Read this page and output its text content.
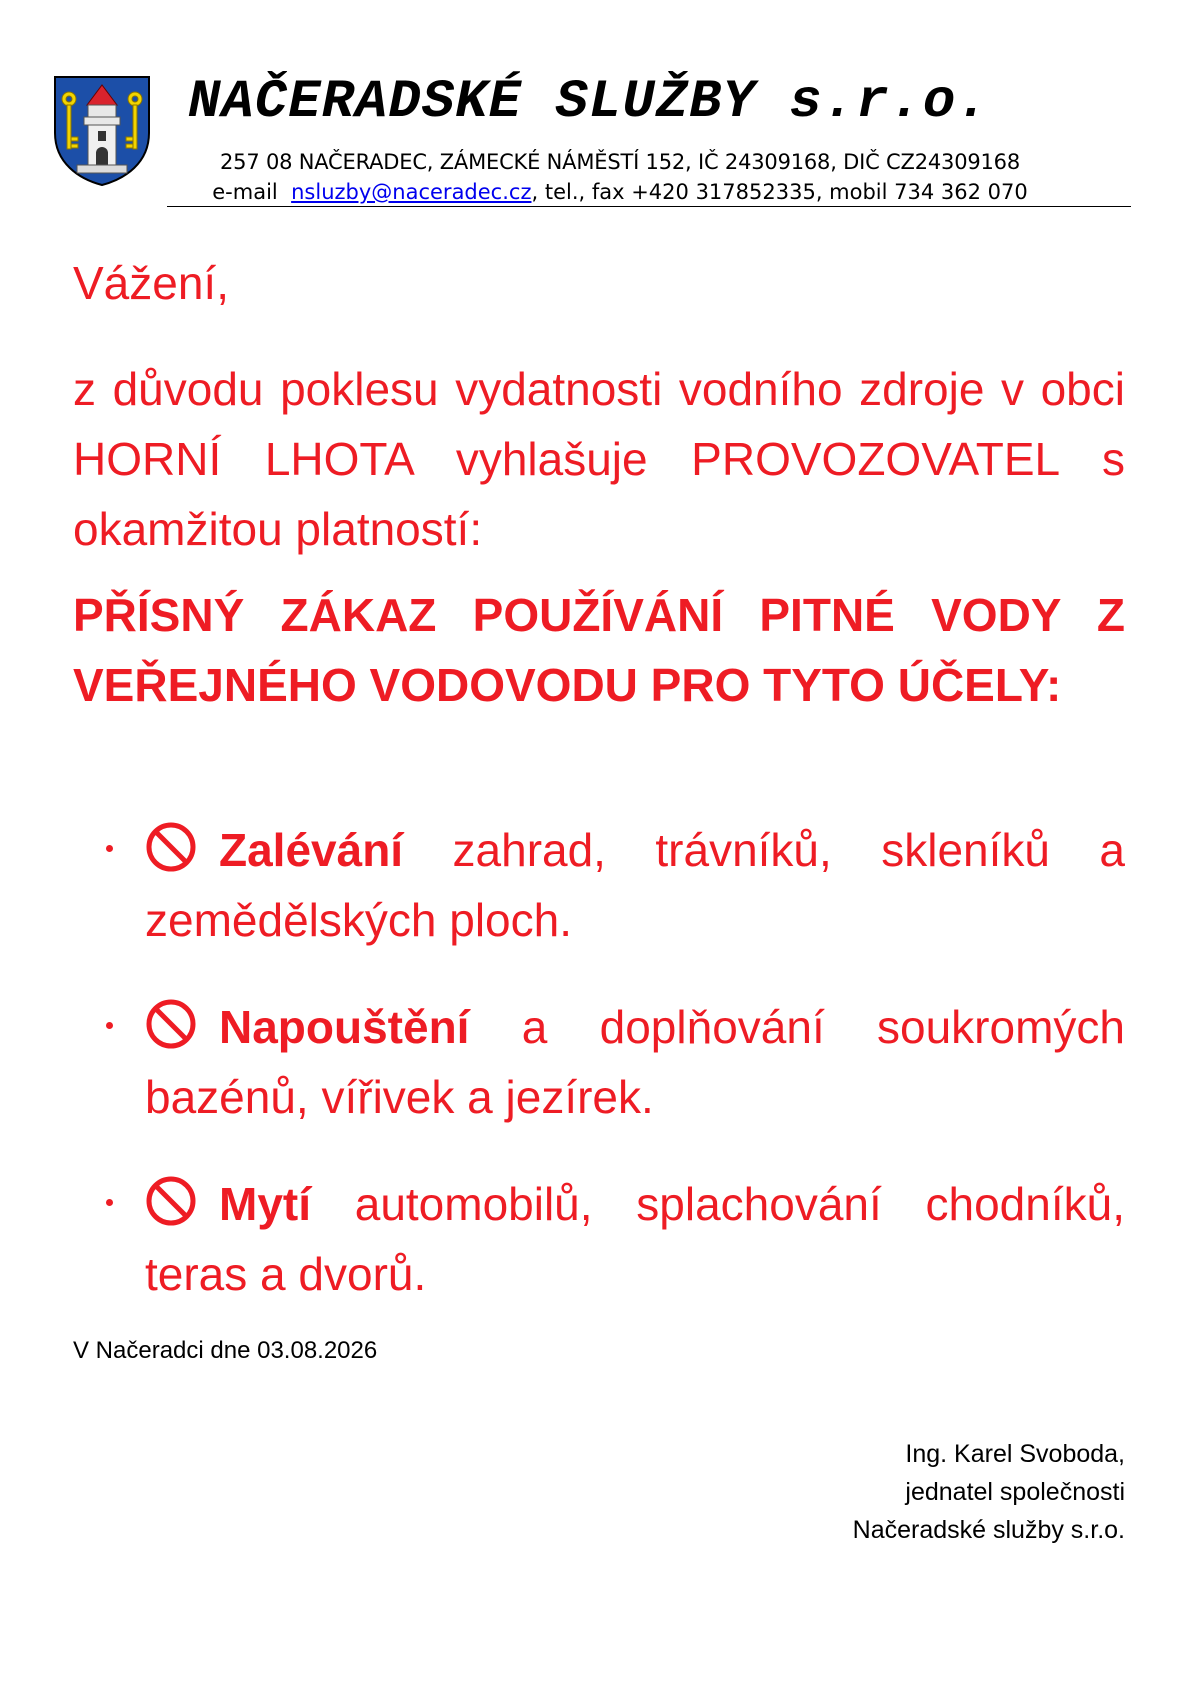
NAČERADSKÉ SLUŽBY s.r.o.
257 08 NAČERADEC, ZÁMECKÉ NÁMĚSTÍ 152, IČ 24309168, DIČ CZ24309168
e-mail nsluzby@naceradec.cz, tel., fax +420 317852335, mobil 734 362 070
Vážení,
z důvodu poklesu vydatnosti vodního zdroje v obci HORNÍ LHOTA vyhlašuje PROVOZOVATEL s okamžitou platností:
PŘÍSNÝ ZÁKAZ POUŽÍVÁNÍ PITNÉ VODY Z VEŘEJNÉHO VODOVODU PRO TYTO ÚČELY:
Zalévání zahrad, trávníků, skleníků a zemědělských ploch.
Napouštění a doplňování soukromých bazénů, vířivek a jezírek.
Mytí automobilů, splachování chodníků, teras a dvorů.
V Načeradci dne 03.08.2026
Ing. Karel Svoboda,
jednatel společnosti
Načeradské služby s.r.o.
